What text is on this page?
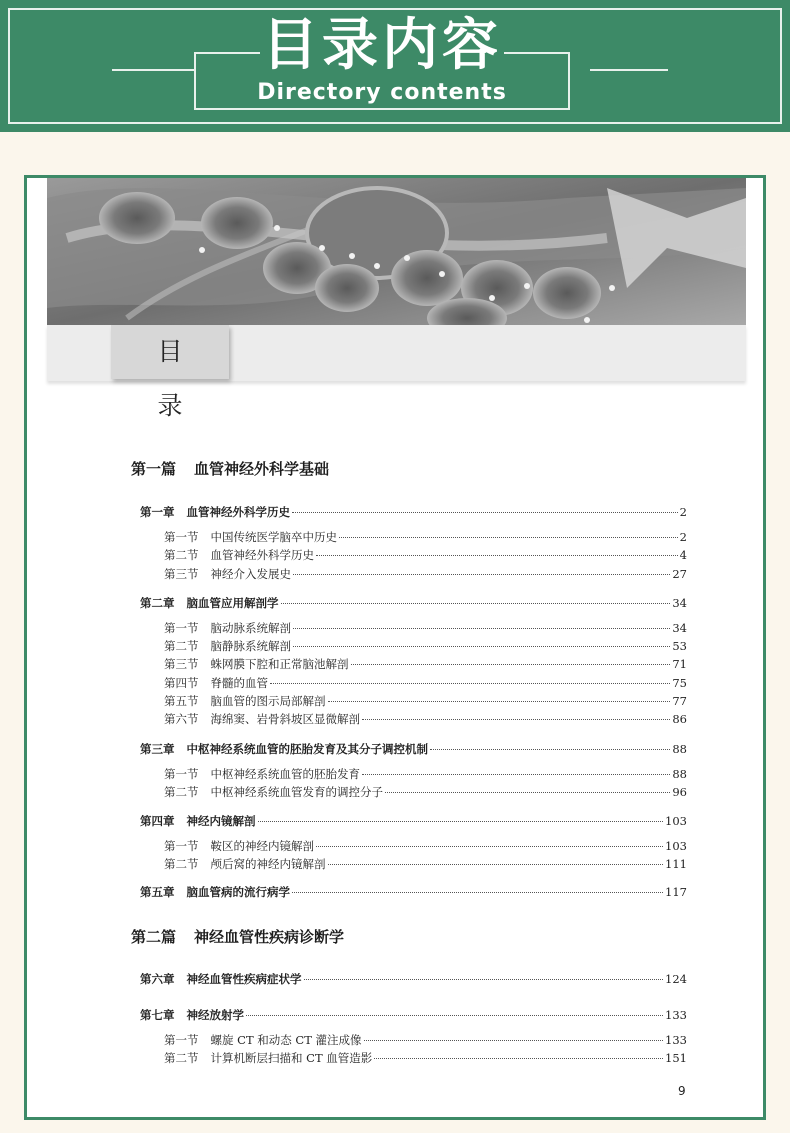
目录内容
Directory contents
目 录
第一篇 血管神经外科学基础
第一章 血管神经外科学历史	2
第一节 中国传统医学脑卒中历史	2
第二节 血管神经外科学历史	4
第三节 神经介入发展史	27
第二章 脑血管应用解剖学	34
第一节 脑动脉系统解剖	34
第二节 脑静脉系统解剖	53
第三节 蛛网膜下腔和正常脑池解剖	71
第四节 脊髓的血管	75
第五节 脑血管的图示局部解剖	77
第六节 海绵窦、岩骨斜坡区显微解剖	86
第三章 中枢神经系统血管的胚胎发育及其分子调控机制	88
第一节 中枢神经系统血管的胚胎发育	88
第二节 中枢神经系统血管发育的调控分子	96
第四章 神经内镜解剖	103
第一节 鞍区的神经内镜解剖	103
第二节 颅后窝的神经内镜解剖	111
第五章 脑血管病的流行病学	117
第二篇 神经血管性疾病诊断学
第六章 神经血管性疾病症状学	124
第七章 神经放射学	133
第一节 螺旋 CT 和动态 CT 灌注成像	133
第二节 计算机断层扫描和 CT 血管造影	151
9
